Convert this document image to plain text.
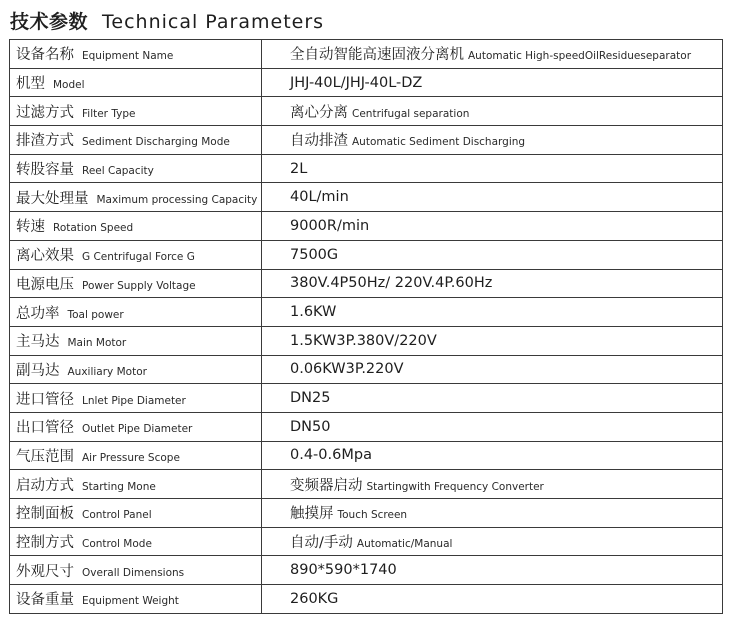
技术参数 Technical Parameters
设备名称 Equipment Name	全自动智能高速固液分离机 Automatic High-speedOilResidueseparator
机型 Model	JHJ-40L/JHJ-40L-DZ
过滤方式 Filter Type	离心分离 Centrifugal separation
排渣方式 Sediment Discharging Mode	自动排渣 Automatic Sediment Discharging
转股容量 Reel Capacity	2L
最大处理量 Maximum processing Capacity	40L/min
转速 Rotation Speed	9000R/min
离心效果 G Centrifugal Force G	7500G
电源电压 Power Supply Voltage	380V.4P50Hz/ 220V.4P.60Hz
总功率 Toal power	1.6KW
主马达 Main Motor	1.5KW3P.380V/220V
副马达 Auxiliary Motor	0.06KW3P.220V
进口管径 Lnlet Pipe Diameter	DN25
出口管径 Outlet Pipe Diameter	DN50
气压范围 Air Pressure Scope	0.4-0.6Mpa
启动方式 Starting Mone	变频器启动 Startingwith Frequency Converter
控制面板 Control Panel	触摸屏 Touch Screen
控制方式 Control Mode	自动/手动 Automatic/Manual
外观尺寸 Overall Dimensions	890*590*1740
设备重量 Equipment Weight	260KG
